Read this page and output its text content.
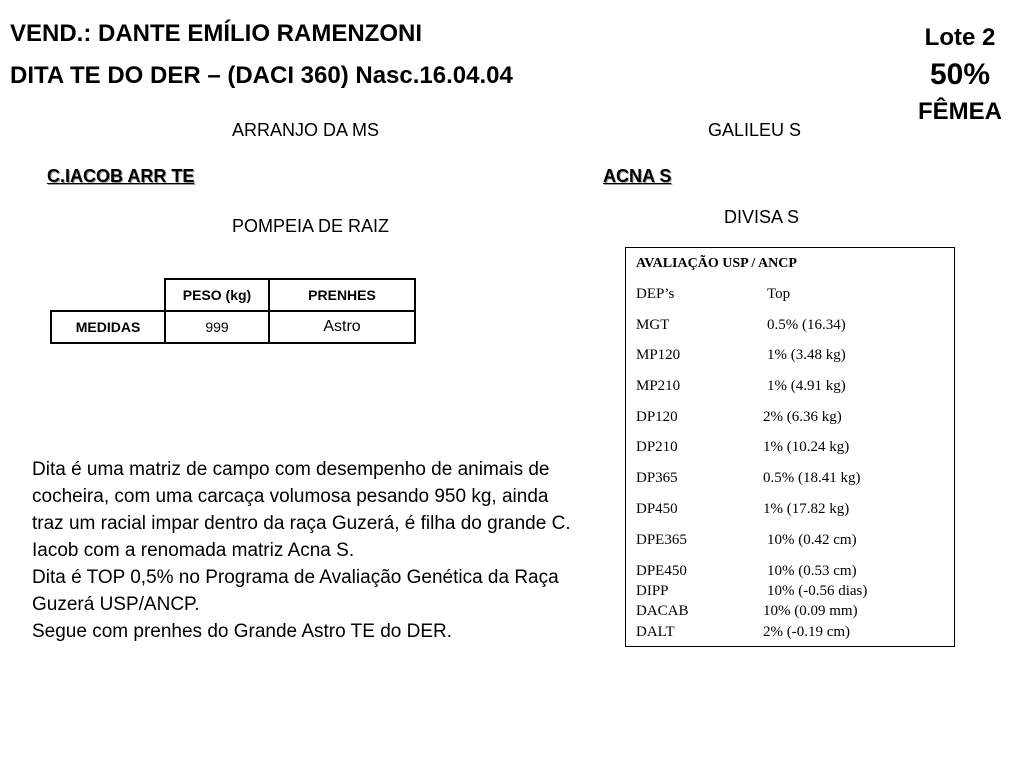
VEND.: DANTE EMÍLIO RAMENZONI
DITA TE DO DER – (DACI 360) Nasc.16.04.04
Lote 2
50%
FÊMEA
ARRANJO DA MS
C.IACOB ARR TE
POMPEIA DE RAIZ
GALILEU S
ACNA S
DIVISA S
	PESO (kg)	PRENHES
MEDIDAS	999	Astro

Dita é uma matriz de campo com desempenho de animais de cocheira, com uma carcaça volumosa pesando 950 kg, ainda traz um racial impar dentro da raça Guzerá, é filha do grande C. Iacob com a renomada matriz Acna S.

Dita é TOP 0,5% no Programa de Avaliação Genética da Raça Guzerá USP/ANCP.

Segue com prenhes do Grande Astro TE do DER.

AVALIAÇÃO USP / ANCP
DEP’s	Top
MGT	0.5% (16.34)
MP120	1% (3.48 kg)
MP210	1% (4.91 kg)
DP120	2% (6.36 kg)
DP210	1% (10.24 kg)
DP365	0.5% (18.41 kg)
DP450	1% (17.82 kg)
DPE365	10% (0.42 cm)
DPE450	10% (0.53 cm)
DIPP	10% (-0.56 dias)
DACAB	10% (0.09 mm)
DALT	2% (-0.19 cm)
